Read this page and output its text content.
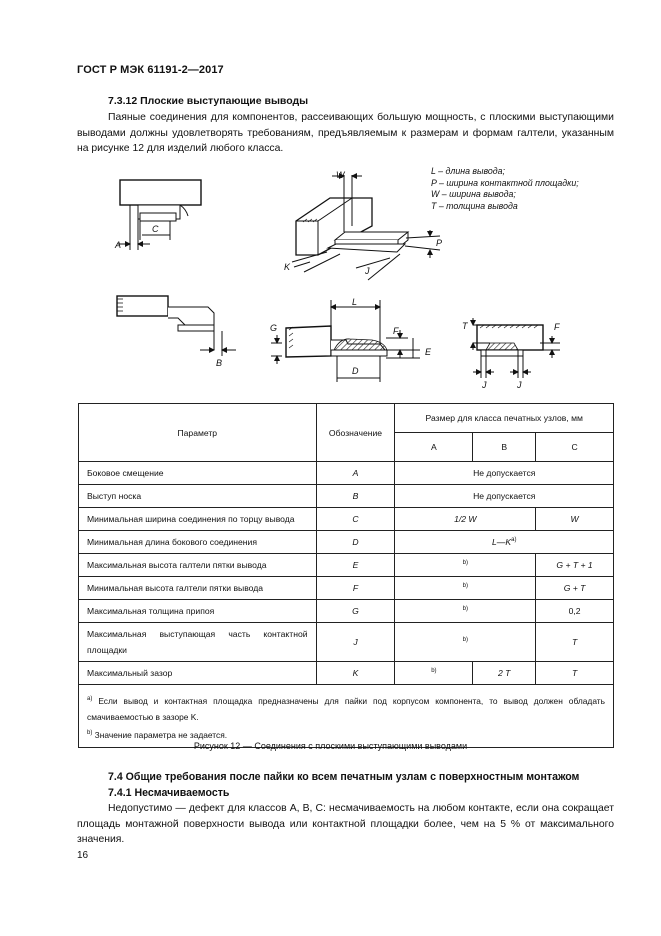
ГОСТ Р МЭК 61191-2—2017
7.3.12 Плоские выступающие выводы
Паяные соединения для компонентов, рассеивающих большую мощность, с плоскими выступающими выводами должны удовлетворять требованиям, предъявляемым к размерам и формам галтели, указанным на рисунке 12 для изделий любого класса.
A
C
W
P
K	J
B
L
D
E
F
G	T	F
J	J
L – длина вывода;
P – ширина контактной площадки;
W – ширина вывода;
T – толщина вывода
Параметр	Обозначение	Размер для класса печатных узлов, мм		
		A	B	C
Боковое смещение	A	Не допускается		
Выступ носка	B	Не допускается		
Минимальная ширина соединения по торцу вывода	C	1/2 W		W
Минимальная длина бокового соединения	D	$L—K^{a)}$
Максимальная высота галтели пятки вывода	E	$^{b)}$		G + T + 1
Минимальная высота галтели пятки вывода	F	$^{b)}$		G + T
Максимальная толщина припоя	G	$^{b)}$		0,2
Максимальная выступающая часть контактной площадки	J	$^{b)}$		T
Максимальный зазор	K	$^{b)}$	2 T	T

$^{a)}$ Если вывод и контактная площадка предназначены для пайки под корпусом компонента, то вывод должен обладать смачиваемостью в зазоре K.
$^{b)}$ Значение параметра не задается.				
Рисунок 12 — Соединения с плоскими выступающими выводами
7.4 Общие требования после пайки ко всем печатным узлам с поверхностным монтажом
7.4.1 Несмачиваемость
Недопустимо — дефект для классов A, B, C: несмачиваемость на любом контакте, если она сокращает площадь монтажной поверхности вывода или контактной площадки более, чем на 5 % от максимального значения.
16
